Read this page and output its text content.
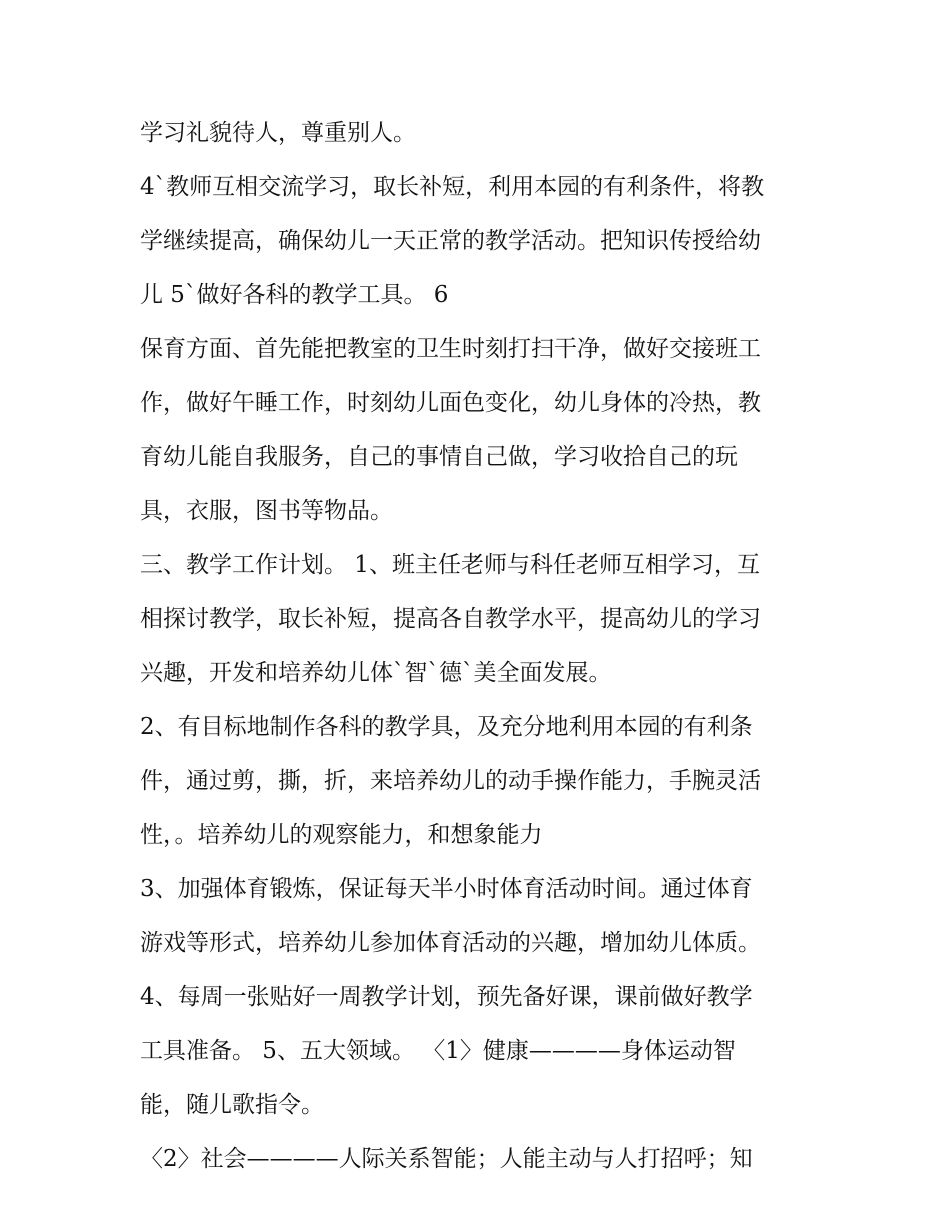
学习礼貌待人，尊重别人。
4`教师互相交流学习，取长补短，利用本园的有利条件，将教
学继续提高，确保幼儿一天正常的教学活动。把知识传授给幼
儿 5`做好各科的教学工具。 6
保育方面、首先能把教室的卫生时刻打扫干净，做好交接班工
作，做好午睡工作，时刻幼儿面色变化，幼儿身体的冷热，教
育幼儿能自我服务，自己的事情自己做，学习收拾自己的玩
具，衣服，图书等物品。
三、教学工作计划。 1、班主任老师与科任老师互相学习，互
相探讨教学，取长补短，提高各自教学水平，提高幼儿的学习
兴趣，开发和培养幼儿体`智`德`美全面发展。
2、有目标地制作各科的教学具，及充分地利用本园的有利条
件，通过剪，撕，折，来培养幼儿的动手操作能力，手腕灵活
性，。培养幼儿的观察能力，和想象能力
3、加强体育锻炼，保证每天半小时体育活动时间。通过体育
游戏等形式，培养幼儿参加体育活动的兴趣，增加幼儿体质。
4、每周一张贴好一周教学计划，预先备好课，课前做好教学
工具准备。 5、五大领域。 〈1〉健康————身体运动智
能，随儿歌指令。
〈2〉社会————人际关系智能；人能主动与人打招呼；知
